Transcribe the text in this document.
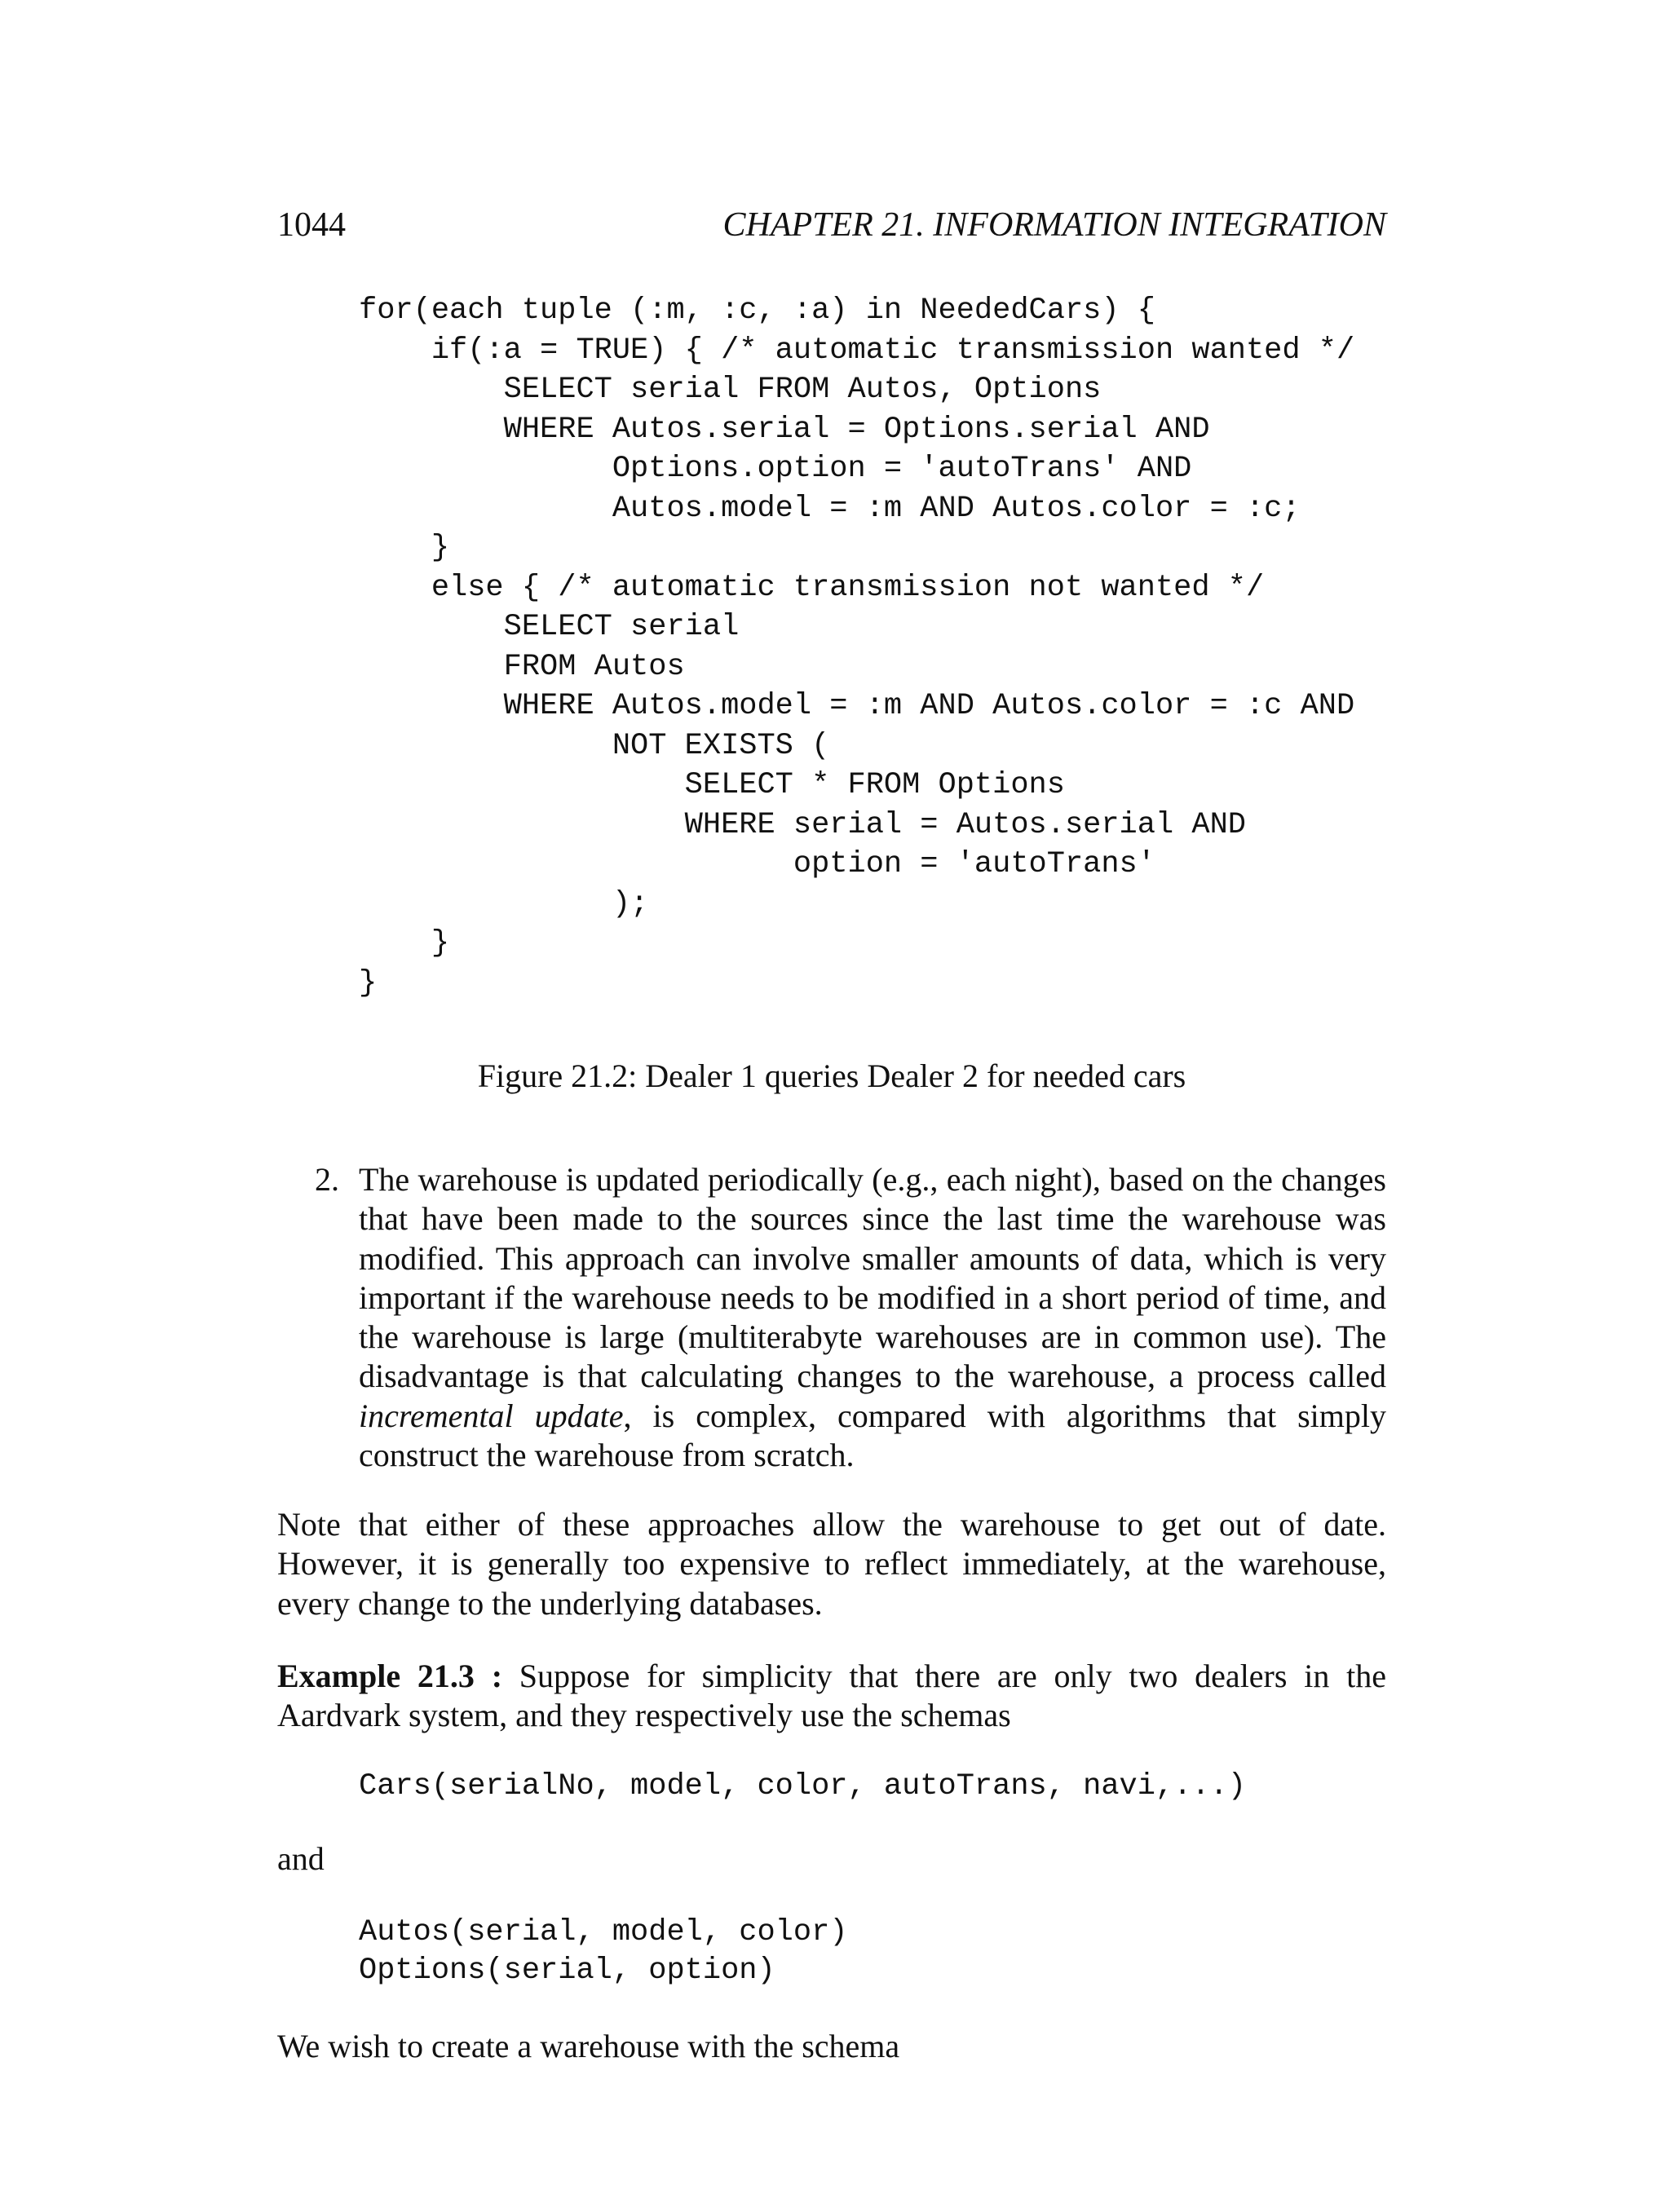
1044	CHAPTER 21. INFORMATION INTEGRATION
for(each tuple (:m, :c, :a) in NeededCars) {
if(:a = TRUE) { /* automatic transmission wanted */
SELECT serial FROM Autos, Options
WHERE Autos.serial = Options.serial AND
Options.option = 'autoTrans' AND
Autos.model = :m AND Autos.color = :c;
}
else { /* automatic transmission not wanted */
SELECT serial
FROM Autos
WHERE Autos.model = :m AND Autos.color = :c AND
NOT EXISTS (
SELECT * FROM Options
WHERE serial = Autos.serial AND
option = 'autoTrans'
);
}
}
Figure 21.2: Dealer 1 queries Dealer 2 for needed cars
2. The warehouse is updated periodically (e.g., each night), based on the changes that have been made to the sources since the last time the warehouse was modified. This approach can involve smaller amounts of data, which is very important if the warehouse needs to be modified in a short period of time, and the warehouse is large (multiterabyte warehouses are in common use). The disadvantage is that calculating changes to the warehouse, a process called incremental update, is complex, compared with algorithms that simply construct the warehouse from scratch.
Note that either of these approaches allow the warehouse to get out of date. However, it is generally too expensive to reflect immediately, at the warehouse, every change to the underlying databases.
Example 21.3 : Suppose for simplicity that there are only two dealers in the Aardvark system, and they respectively use the schemas
Cars(serialNo, model, color, autoTrans, navi,...)
and
Autos(serial, model, color)
Options(serial, option)
We wish to create a warehouse with the schema
